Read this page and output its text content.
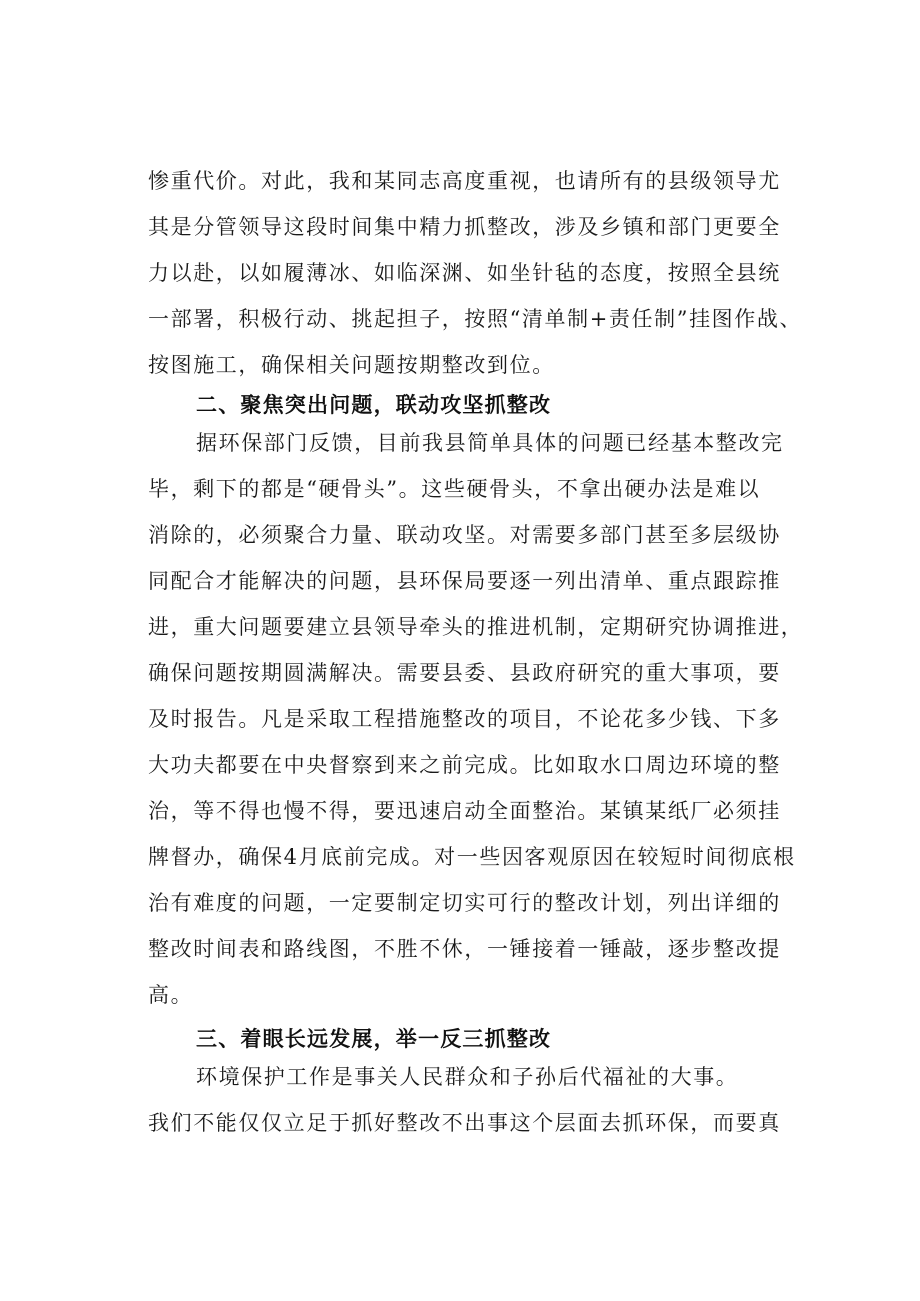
惨重代价。对此，我和某同志高度重视，也请所有的县级领导尤
其是分管领导这段时间集中精力抓整改，涉及乡镇和部门更要全
力以赴，以如履薄冰、如临深渊、如坐针毡的态度，按照全县统
一部署，积极行动、挑起担子，按照“清单制+责任制”挂图作战、
按图施工，确保相关问题按期整改到位。
二、聚焦突出问题，联动攻坚抓整改
据环保部门反馈，目前我县简单具体的问题已经基本整改完
毕，剩下的都是“硬骨头”。这些硬骨头，不拿出硬办法是难以
消除的，必须聚合力量、联动攻坚。对需要多部门甚至多层级协
同配合才能解决的问题，县环保局要逐一列出清单、重点跟踪推
进，重大问题要建立县领导牵头的推进机制，定期研究协调推进，
确保问题按期圆满解决。需要县委、县政府研究的重大事项，要
及时报告。凡是采取工程措施整改的项目，不论花多少钱、下多
大功夫都要在中央督察到来之前完成。比如取水口周边环境的整
治，等不得也慢不得，要迅速启动全面整治。某镇某纸厂必须挂
牌督办，确保4月底前完成。对一些因客观原因在较短时间彻底根
治有难度的问题，一定要制定切实可行的整改计划，列出详细的
整改时间表和路线图，不胜不休，一锤接着一锤敲，逐步整改提
高。
三、着眼长远发展，举一反三抓整改
环境保护工作是事关人民群众和子孙后代福祉的大事。
我们不能仅仅立足于抓好整改不出事这个层面去抓环保，而要真
